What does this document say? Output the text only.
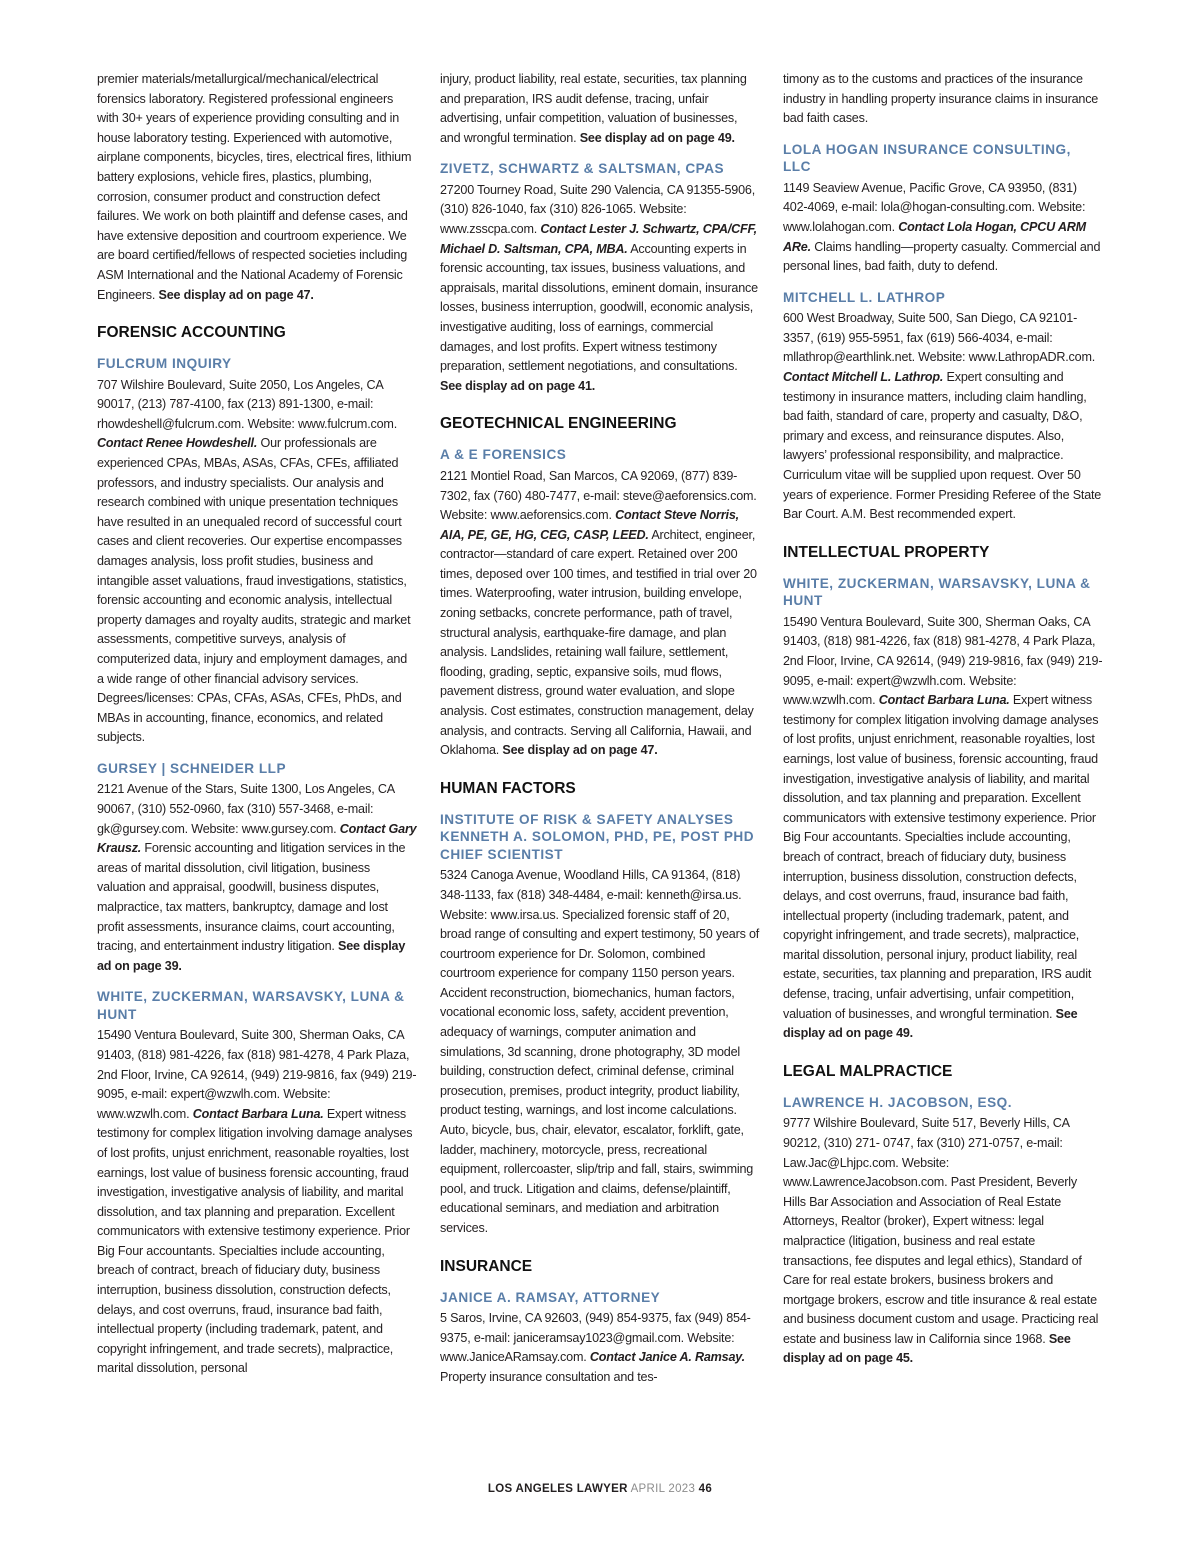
premier materials/metallurgical/mechanical/electrical forensics laboratory. Registered professional engineers with 30+ years of experience providing consulting and in house laboratory testing. Experienced with automotive, airplane components, bicycles, tires, electrical fires, lithium battery explosions, vehicle fires, plastics, plumbing, corrosion, consumer product and construction defect failures. We work on both plaintiff and defense cases, and have extensive deposition and courtroom experience. We are board certified/fellows of respected societies including ASM International and the National Academy of Forensic Engineers. See display ad on page 47.

FORENSIC ACCOUNTING
FULCRUM INQUIRY

707 Wilshire Boulevard, Suite 2050, Los Angeles, CA 90017, (213) 787-4100, fax (213) 891-1300, e-mail: rhowdeshell@fulcrum.com. Website: www.fulcrum.com. Contact Renee Howdeshell. Our professionals are experienced CPAs, MBAs, ASAs, CFAs, CFEs, affiliated professors, and industry specialists. Our analysis and research combined with unique presentation techniques have resulted in an unequaled record of successful court cases and client recoveries. Our expertise encompasses damages analysis, loss profit studies, business and intangible asset valuations, fraud investigations, statistics, forensic accounting and economic analysis, intellectual property damages and royalty audits, strategic and market assessments, competitive surveys, analysis of computerized data, injury and employment damages, and a wide range of other financial advisory services. Degrees/licenses: CPAs, CFAs, ASAs, CFEs, PhDs, and MBAs in accounting, finance, economics, and related subjects.

GURSEY | SCHNEIDER LLP

2121 Avenue of the Stars, Suite 1300, Los Angeles, CA 90067, (310) 552-0960, fax (310) 557-3468, e-mail: gk@gursey.com. Website: www.gursey.com. Contact Gary Krausz. Forensic accounting and litigation services in the areas of marital dissolution, civil litigation, business valuation and appraisal, goodwill, business disputes, malpractice, tax matters, bankruptcy, damage and lost profit assessments, insurance claims, court accounting, tracing, and entertainment industry litigation. See display ad on page 39.

WHITE, ZUCKERMAN, WARSAVSKY, LUNA & HUNT

15490 Ventura Boulevard, Suite 300, Sherman Oaks, CA 91403, (818) 981-4226, fax (818) 981-4278, 4 Park Plaza, 2nd Floor, Irvine, CA 92614, (949) 219-9816, fax (949) 219-9095, e-mail: expert@wzwlh.com. Website: www.wzwlh.com. Contact Barbara Luna. Expert witness testimony for complex litigation involving damage analyses of lost profits, unjust enrichment, reasonable royalties, lost earnings, lost value of business forensic accounting, fraud investigation, investigative analysis of liability, and marital dissolution, and tax planning and preparation. Excellent communicators with extensive testimony experience. Prior Big Four accountants. Specialties include accounting, breach of contract, breach of fiduciary duty, business interruption, business dissolution, construction defects, delays, and cost overruns, fraud, insurance bad faith, intellectual property (including trademark, patent, and copyright infringement, and trade secrets), malpractice, marital dissolution, personal

injury, product liability, real estate, securities, tax planning and preparation, IRS audit defense, tracing, unfair advertising, unfair competition, valuation of businesses, and wrongful termination. See display ad on page 49.

ZIVETZ, SCHWARTZ & SALTSMAN, CPAS

27200 Tourney Road, Suite 290 Valencia, CA 91355-5906, (310) 826-1040, fax (310) 826-1065. Website: www.zsscpa.com. Contact Lester J. Schwartz, CPA/CFF, Michael D. Saltsman, CPA, MBA. Accounting experts in forensic accounting, tax issues, business valuations, and appraisals, marital dissolutions, eminent domain, insurance losses, business interruption, goodwill, economic analysis, investigative auditing, loss of earnings, commercial damages, and lost profits. Expert witness testimony preparation, settlement negotiations, and consultations. See display ad on page 41.

GEOTECHNICAL ENGINEERING
A & E FORENSICS

2121 Montiel Road, San Marcos, CA 92069, (877) 839-7302, fax (760) 480-7477, e-mail: steve@aeforensics.com. Website: www.aeforensics.com. Contact Steve Norris, AIA, PE, GE, HG, CEG, CASP, LEED. Architect, engineer, contractor—standard of care expert. Retained over 200 times, deposed over 100 times, and testified in trial over 20 times. Waterproofing, water intrusion, building envelope, zoning setbacks, concrete performance, path of travel, structural analysis, earthquake-fire damage, and plan analysis. Landslides, retaining wall failure, settlement, flooding, grading, septic, expansive soils, mud flows, pavement distress, ground water evaluation, and slope analysis. Cost estimates, construction management, delay analysis, and contracts. Serving all California, Hawaii, and Oklahoma. See display ad on page 47.

HUMAN FACTORS
INSTITUTE OF RISK & SAFETY ANALYSES KENNETH A. SOLOMON, PHD, PE, POST PHD CHIEF SCIENTIST

5324 Canoga Avenue, Woodland Hills, CA 91364, (818) 348-1133, fax (818) 348-4484, e-mail: kenneth@irsa.us. Website: www.irsa.us. Specialized forensic staff of 20, broad range of consulting and expert testimony, 50 years of courtroom experience for Dr. Solomon, combined courtroom experience for company 1150 person years. Accident reconstruction, biomechanics, human factors, vocational economic loss, safety, accident prevention, adequacy of warnings, computer animation and simulations, 3d scanning, drone photography, 3D model building, construction defect, criminal defense, criminal prosecution, premises, product integrity, product liability, product testing, warnings, and lost income calculations. Auto, bicycle, bus, chair, elevator, escalator, forklift, gate, ladder, machinery, motorcycle, press, recreational equipment, rollercoaster, slip/trip and fall, stairs, swimming pool, and truck. Litigation and claims, defense/plaintiff, educational seminars, and mediation and arbitration services.

INSURANCE
JANICE A. RAMSAY, ATTORNEY

5 Saros, Irvine, CA 92603, (949) 854-9375, fax (949) 854-9375, e-mail: janiceramsay1023@gmail.com. Website: www.JaniceARamsay.com. Contact Janice A. Ramsay. Property insurance consultation and tes-

timony as to the customs and practices of the insurance industry in handling property insurance claims in insurance bad faith cases.

LOLA HOGAN INSURANCE CONSULTING, LLC

1149 Seaview Avenue, Pacific Grove, CA 93950, (831) 402-4069, e-mail: lola@hogan-consulting.com. Website: www.lolahogan.com. Contact Lola Hogan, CPCU ARM ARe. Claims handling—property casualty. Commercial and personal lines, bad faith, duty to defend.

MITCHELL L. LATHROP

600 West Broadway, Suite 500, San Diego, CA 92101-3357, (619) 955-5951, fax (619) 566-4034, e-mail: mllathrop@earthlink.net. Website: www.LathropADR.com. Contact Mitchell L. Lathrop. Expert consulting and testimony in insurance matters, including claim handling, bad faith, standard of care, property and casualty, D&O, primary and excess, and reinsurance disputes. Also, lawyers’ professional responsibility, and malpractice. Curriculum vitae will be supplied upon request. Over 50 years of experience. Former Presiding Referee of the State Bar Court. A.M. Best recommended expert.

INTELLECTUAL PROPERTY
WHITE, ZUCKERMAN, WARSAVSKY, LUNA & HUNT

15490 Ventura Boulevard, Suite 300, Sherman Oaks, CA 91403, (818) 981-4226, fax (818) 981-4278, 4 Park Plaza, 2nd Floor, Irvine, CA 92614, (949) 219-9816, fax (949) 219-9095, e-mail: expert@wzwlh.com. Website: www.wzwlh.com. Contact Barbara Luna. Expert witness testimony for complex litigation involving damage analyses of lost profits, unjust enrichment, reasonable royalties, lost earnings, lost value of business, forensic accounting, fraud investigation, investigative analysis of liability, and marital dissolution, and tax planning and preparation. Excellent communicators with extensive testimony experience. Prior Big Four accountants. Specialties include accounting, breach of contract, breach of fiduciary duty, business interruption, business dissolution, construction defects, delays, and cost overruns, fraud, insurance bad faith, intellectual property (including trademark, patent, and copyright infringement, and trade secrets), malpractice, marital dissolution, personal injury, product liability, real estate, securities, tax planning and preparation, IRS audit defense, tracing, unfair advertising, unfair competition, valuation of businesses, and wrongful termination. See display ad on page 49.

LEGAL MALPRACTICE
LAWRENCE H. JACOBSON, ESQ.

9777 Wilshire Boulevard, Suite 517, Beverly Hills, CA 90212, (310) 271- 0747, fax (310) 271-0757, e-mail: Law.Jac@Lhjpc.com. Website: www.LawrenceJacobson.com. Past President, Beverly Hills Bar Association and Association of Real Estate Attorneys, Realtor (broker), Expert witness: legal malpractice (litigation, business and real estate transactions, fee disputes and legal ethics), Standard of Care for real estate brokers, business brokers and mortgage brokers, escrow and title insurance & real estate and business document custom and usage. Practicing real estate and business law in California since 1968. See display ad on page 45.

LOS ANGELES LAWYER APRIL 2023 46
